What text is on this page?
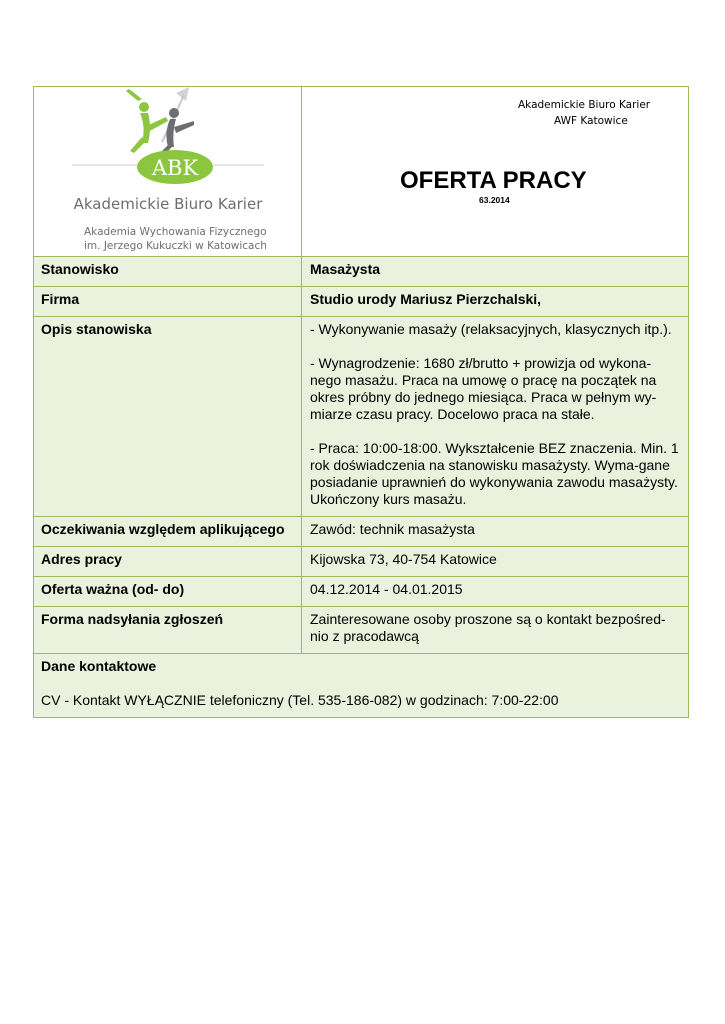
ABK
Akademickie Biuro Karier
Akademia Wychowania Fizycznego
im. Jerzego Kukuczki w Katowicach
Akademickie Biuro Karier
AWF Katowice
OFERTA PRACY
63.2014
Stanowisko	Masażysta
Firma	Studio urody Mariusz Pierzchalski,
Opis stanowiska	- Wykonywanie masaży (relaksacyjnych, klasycznych itp.).

- Wynagrodzenie: 1680 zł/brutto + prowizja od wykona-nego masażu. Praca na umowę o pracę na początek na okres próbny do jednego miesiąca. Praca w pełnym wy-miarze czasu pracy. Docelowo praca na stałe.

- Praca: 10:00-18:00. Wykształcenie BEZ znaczenia. Min. 1 rok doświadczenia na stanowisku masażysty. Wyma-gane posiadanie uprawnień do wykonywania zawodu masażysty. Ukończony kurs masażu.

Oczekiwania względem aplikującego	Zawód: technik masażysta
Adres pracy	Kijowska 73, 40-754 Katowice
Oferta ważna (od- do)	04.12.2014 - 04.01.2015
Forma nadsyłania zgłoszeń	Zainteresowane osoby proszone są o kontakt bezpośred-nio z pracodawcą
Dane kontaktowe
CV - Kontakt WYŁĄCZNIE telefoniczny (Tel. 535-186-082) w godzinach: 7:00-22:00
